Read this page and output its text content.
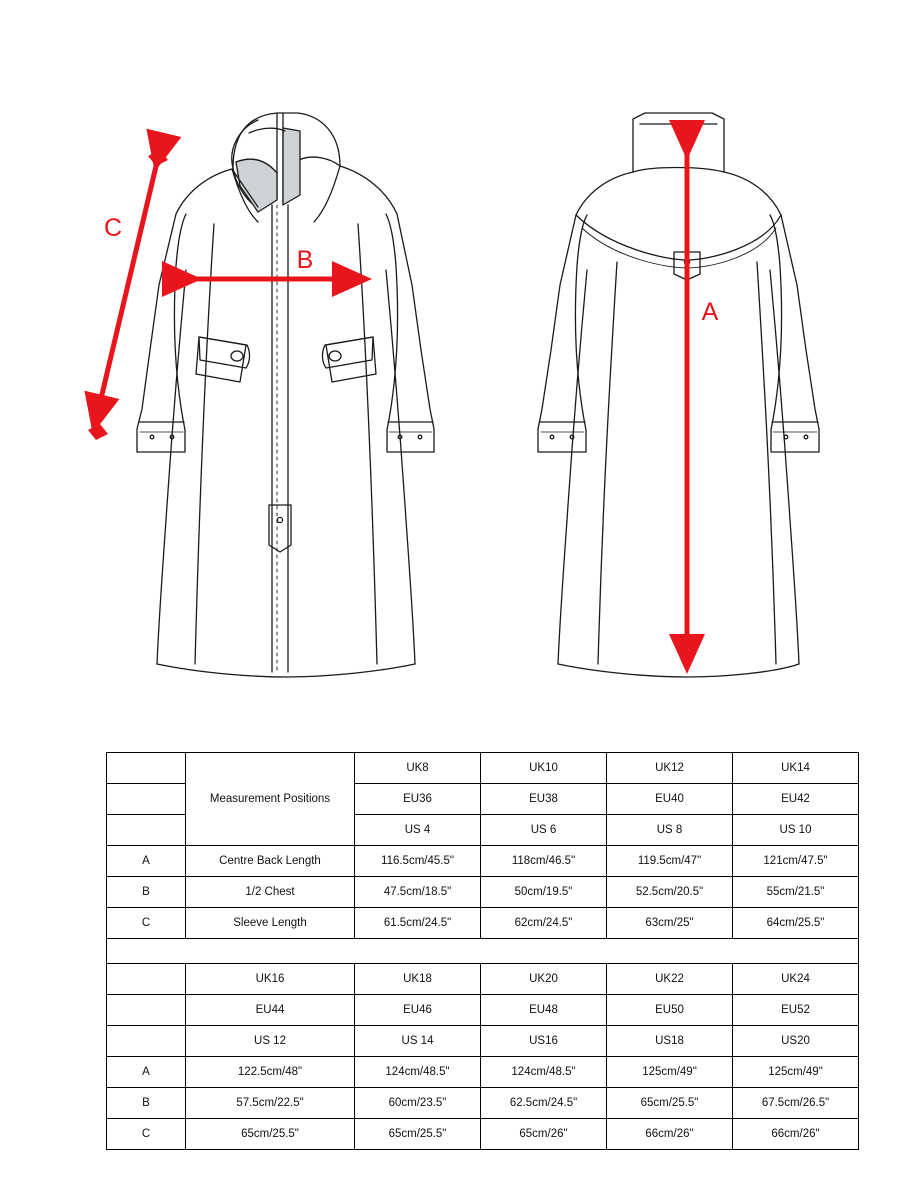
C
B
A
	Measurement Positions	UK8	UK10	UK12	UK14
		EU36	EU38	EU40	EU42
		US 4	US 6	US 8	US 10
A	Centre Back Length	116.5cm/45.5"	118cm/46.5"	119.5cm/47"	121cm/47.5"
B	1/2 Chest	47.5cm/18.5"	50cm/19.5"	52.5cm/20.5"	55cm/21.5"
C	Sleeve Length	61.5cm/24.5"	62cm/24.5"	63cm/25"	64cm/25.5"

	UK16	UK18	UK20	UK22	UK24
	EU44	EU46	EU48	EU50	EU52
	US 12	US 14	US16	US18	US20
A	122.5cm/48"	124cm/48.5"	124cm/48.5"	125cm/49"	125cm/49"
B	57.5cm/22.5"	60cm/23.5"	62.5cm/24.5"	65cm/25.5"	67.5cm/26.5"
C	65cm/25.5"	65cm/25.5"	65cm/26"	66cm/26"	66cm/26"
